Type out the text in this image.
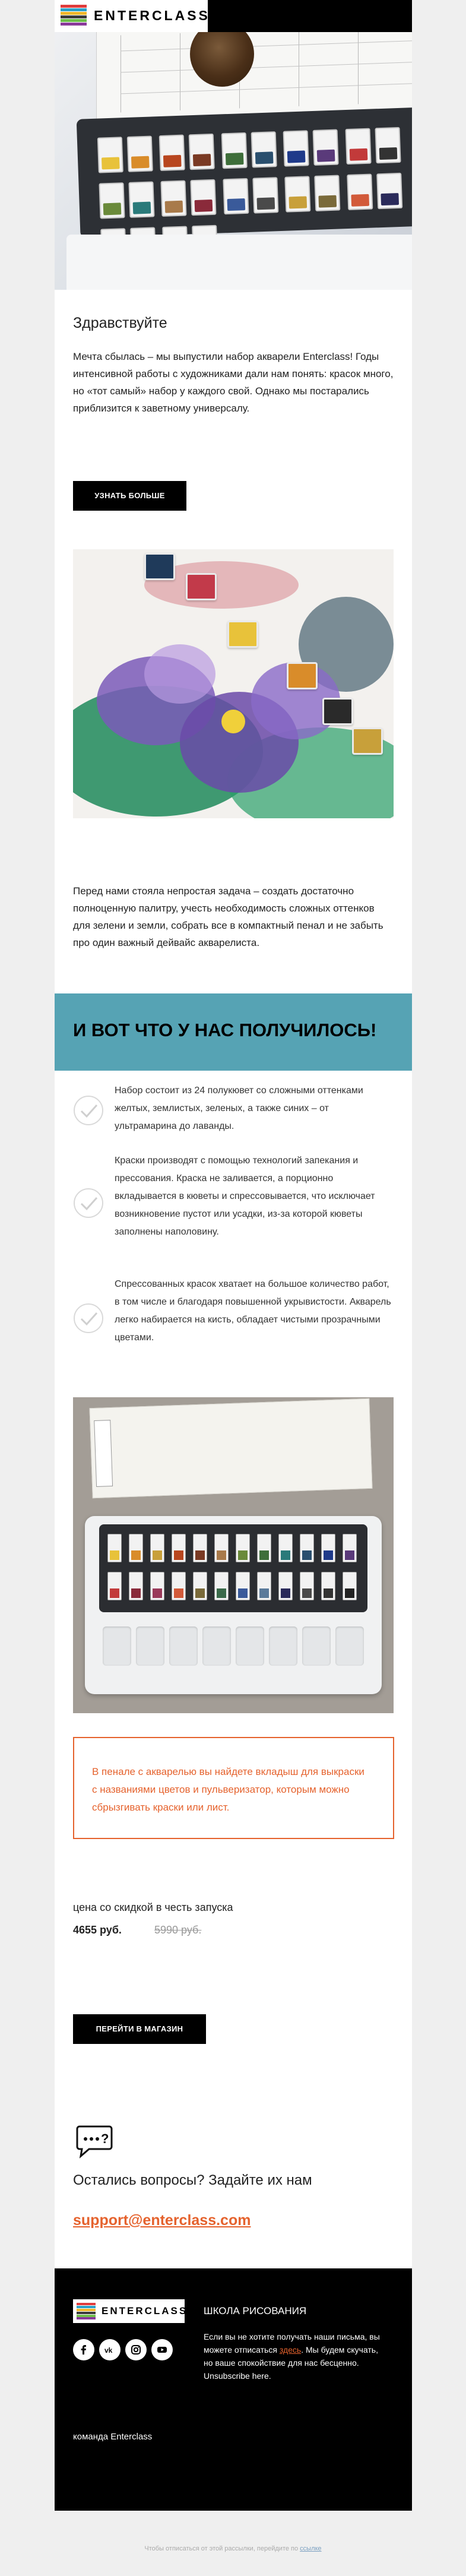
ENTERCLASS
Здравствуйте
Мечта сбылась – мы выпустили набор акварели Enterclass! Годы интенсивной работы с художниками дали нам понять: красок много, но «тот самый» набор у каждого свой. Однако мы постарались приблизится к заветному универсалу.
УЗНАТЬ БОЛЬШЕ
Перед нами стояла непростая задача – создать достаточно полноценную палитру, учесть необходимость сложных оттенков для зелени и земли, собрать все в компактный пенал и не забыть про один важный дейвайс акварелиста.
И ВОТ ЧТО У НАС ПОЛУЧИЛОСЬ!
Набор состоит из 24 полукювет со сложными оттенками желтых, землистых, зеленых, а также синих – от ультрамарина до лаванды.
Краски производят с помощью технологий запекания и прессования. Краска не заливается, а порционно вкладывается в кюветы и спрессовывается, что исключает возникновение пустот или усадки, из-за которой кюветы заполнены наполовину.
Спрессованных красок хватает на большое количество работ, в том числе и благодаря повышенной укрывистости. Акварель легко набирается на кисть, обладает чистыми прозрачными цветами.
В пенале с акварелью вы найдете вкладыш для выкраски с названиями цветов и пульверизатор, которым можно сбрызгивать краски или лист.
цена со скидкой в честь запуска
4655 руб.	5990 руб.
ПЕРЕЙТИ В МАГАЗИН
?
Остались вопросы? Задайте их нам
support@enterclass.com
ENTERCLASS ШКОЛА РИСОВАНИЯ
Если вы не хотите получать наши письма, вы можете отписаться здесь. Мы будем скучать, но ваше спокойствие для нас бесценно.
Unsubscribe here.
vk
команда Enterclass
Чтобы отписаться от этой рассылки, перейдите по ссылке
